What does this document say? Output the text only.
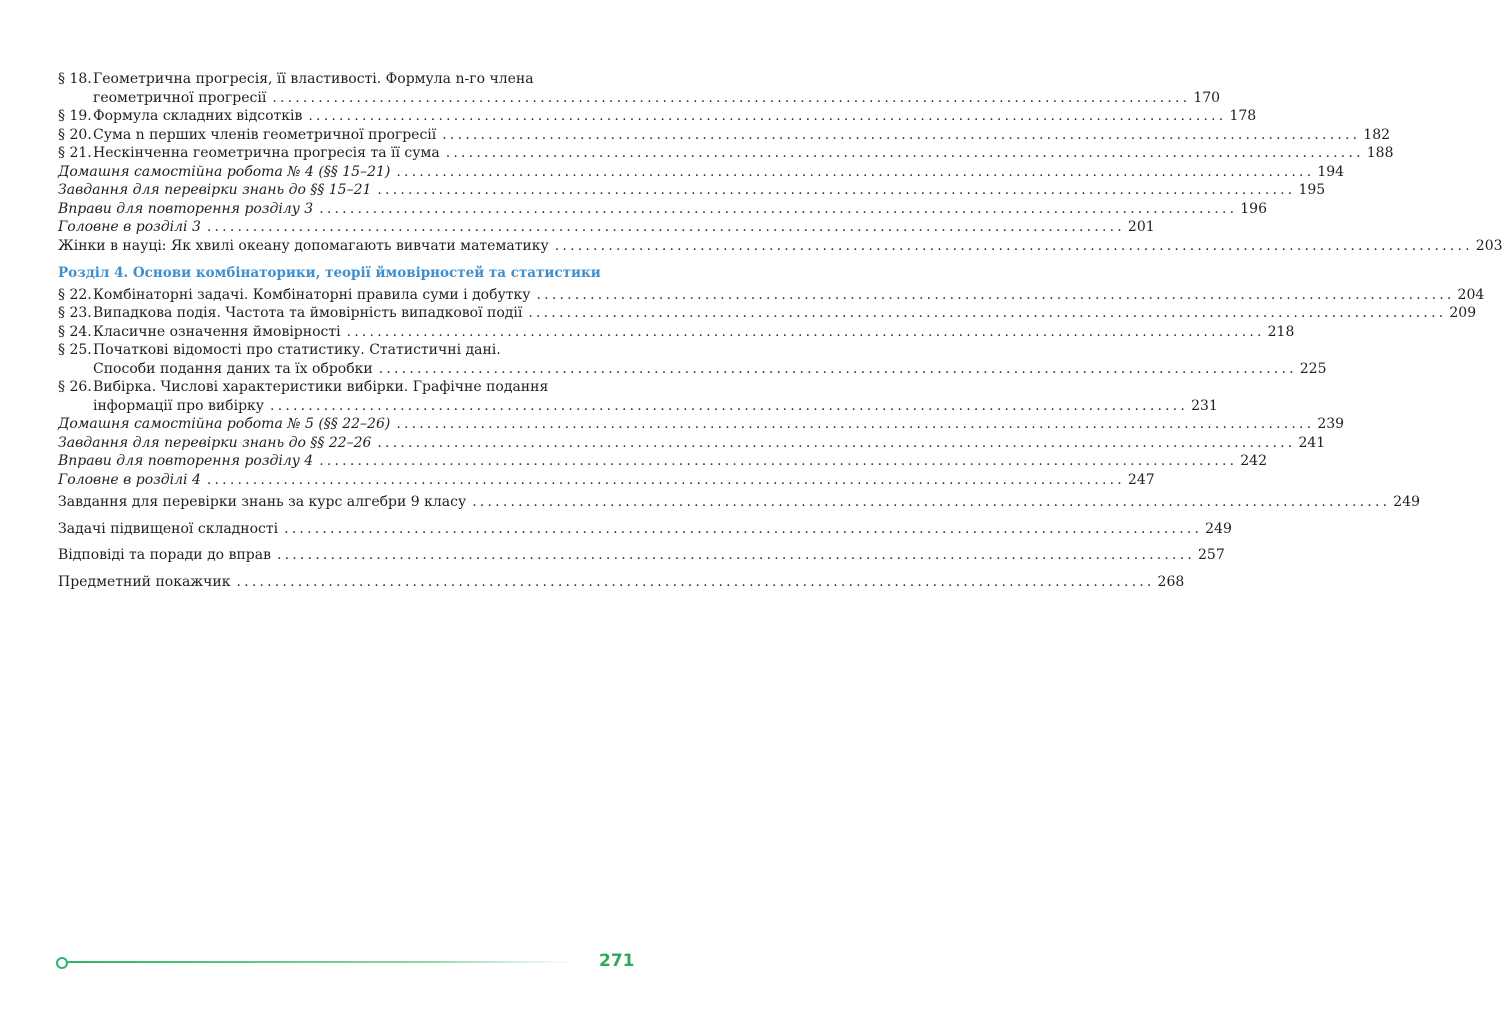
§ 18. Геометрична прогресія, її властивості. Формула n-го члена
геометричної прогресії ........................................................................................................................ 170
§ 19. Формула складних відсотків ........................................................................................................................ 178
§ 20. Сума n перших членів геометричної прогресії ........................................................................................................................ 182
§ 21. Нескінченна геометрична прогресія та її сума ........................................................................................................................ 188
Домашня самостійна робота № 4 (§§ 15–21) ........................................................................................................................ 194
Завдання для перевірки знань до §§ 15–21 ........................................................................................................................ 195
Вправи для повторення розділу 3 ........................................................................................................................ 196
Головне в розділі 3 ........................................................................................................................ 201
Жінки в науці: Як хвилі океану допомагають вивчати математику ........................................................................................................................ 203
Розділ 4. Основи комбінаторики, теорії ймовірностей та статистики
§ 22. Комбінаторні задачі. Комбінаторні правила суми і добутку ........................................................................................................................ 204
§ 23. Випадкова подія. Частота та ймовірність випадкової події ........................................................................................................................ 209
§ 24. Класичне означення ймовірності ........................................................................................................................ 218
§ 25. Початкові відомості про статистику. Статистичні дані.
Способи подання даних та їх обробки ........................................................................................................................ 225
§ 26. Вибірка. Числові характеристики вибірки. Графічне подання
інформації про вибірку ........................................................................................................................ 231
Домашня самостійна робота № 5 (§§ 22–26) ........................................................................................................................ 239
Завдання для перевірки знань до §§ 22–26 ........................................................................................................................ 241
Вправи для повторення розділу 4 ........................................................................................................................ 242
Головне в розділі 4 ........................................................................................................................ 247
Завдання для перевірки знань за курс алгебри 9 класу ........................................................................................................................ 249
Задачі підвищеної складності ........................................................................................................................ 249
Відповіді та поради до вправ ........................................................................................................................ 257
Предметний покажчик ........................................................................................................................ 268
271
